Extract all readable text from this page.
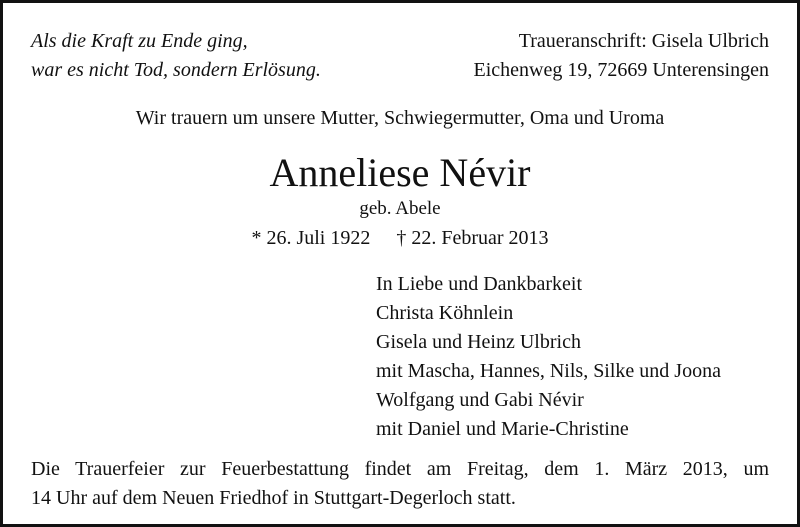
Als die Kraft zu Ende ging,
war es nicht Tod, sondern Erlösung.
Traueranschrift: Gisela Ulbrich
Eichenweg 19, 72669 Unterensingen
Wir trauern um unsere Mutter, Schwiegermutter, Oma und Uroma
Anneliese Névir
geb. Abele
* 26. Juli 1922 † 22. Februar 2013
In Liebe und Dankbarkeit
Christa Köhnlein
Gisela und Heinz Ulbrich
mit Mascha, Hannes, Nils, Silke und Joona
Wolfgang und Gabi Névir
mit Daniel und Marie-Christine
Die Trauerfeier zur Feuerbestattung findet am Freitag, dem 1. März 2013, um
14 Uhr auf dem Neuen Friedhof in Stuttgart-Degerloch statt.
